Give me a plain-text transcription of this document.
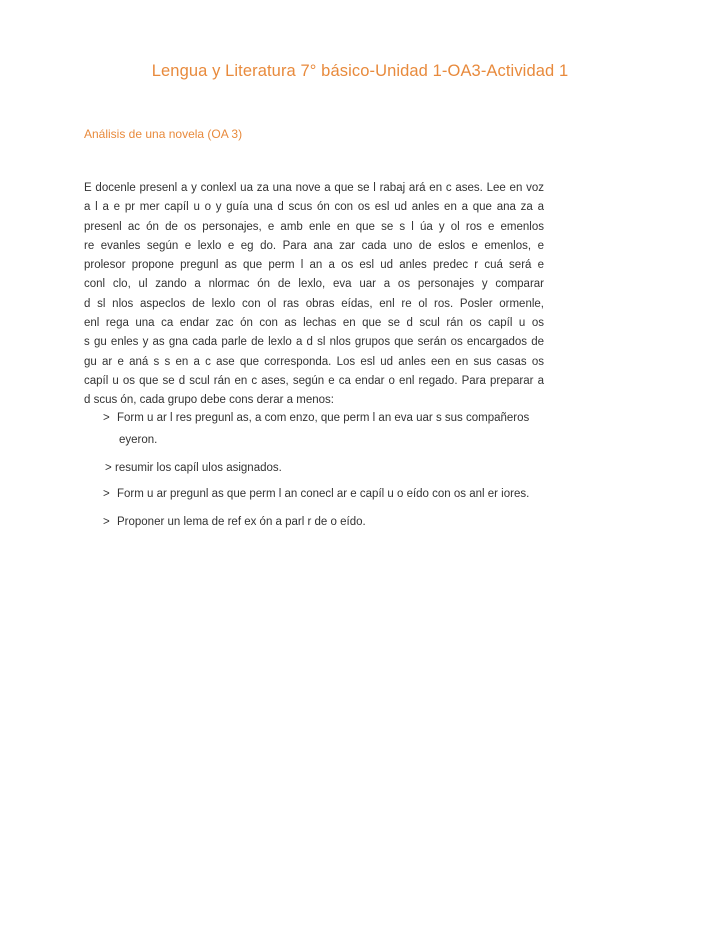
Lengua y Literatura 7° básico-Unidad 1-OA3-Actividad 1
Análisis de una novela (OA 3)
E docenle presenl a y conlexl ua za una nove a que se l rabaj ará en c ases. Lee en voz
a l a e pr mer capíl u o y guía una d scus ón con os esl ud anles en a que ana za a
presenl ac ón de os personajes, e amb enle en que se s l úa y ol ros e emenlos
re evanles según e lexlo e eg do. Para ana zar cada uno de eslos e emenlos, e
prolesor propone pregunl as que perm l an a os esl ud anles predec r cuá será e
conl clo, ul zando a nlormac ón de lexlo, eva uar a os personajes y comparar
d sl nlos aspeclos de lexlo con ol ras obras eídas, enl re ol ros. Posler ormenle,
enl rega una ca endar zac ón con as lechas en que se d scul rán os capíl u os
s gu enles y as gna cada parle de lexlo a d sl nlos grupos que serán os encargados de
gu ar e aná s s en a c ase que corresponda. Los esl ud anles een en sus casas os
capíl u os que se d scul rán en c ases, según e ca endar o enl regado. Para preparar a
d scus ón, cada grupo debe cons derar a menos:
> Form u ar l res pregunl as, a com enzo, que perm l an eva uar s sus compañeros
eyeron.
> resumir los capíl ulos asignados.
> Form u ar pregunl as que perm l an conecl ar e capíl u o eído con os anl er iores.
> Proponer un lema de ref ex ón a parl r de o eído.
